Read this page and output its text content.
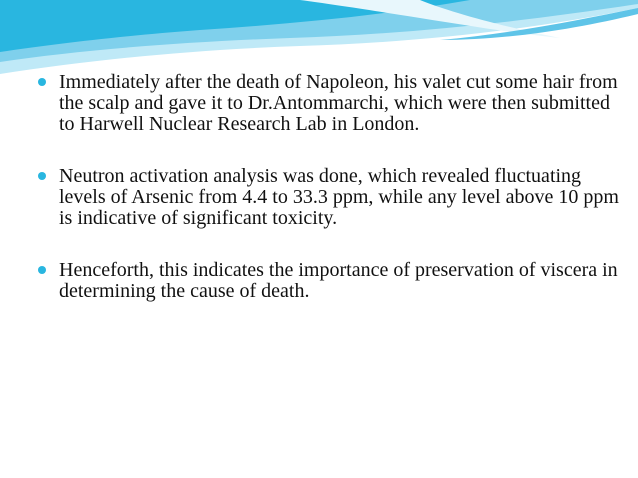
Immediately after the death of Napoleon, his valet cut some hair from the scalp and gave it to Dr.Antommarchi, which were then submitted to Harwell Nuclear Research Lab in London.
Neutron activation analysis was done, which revealed fluctuating levels of Arsenic from 4.4 to 33.3 ppm, while any level above 10 ppm is indicative of significant toxicity.
Henceforth, this indicates the importance of preservation of viscera in determining the cause of death.
